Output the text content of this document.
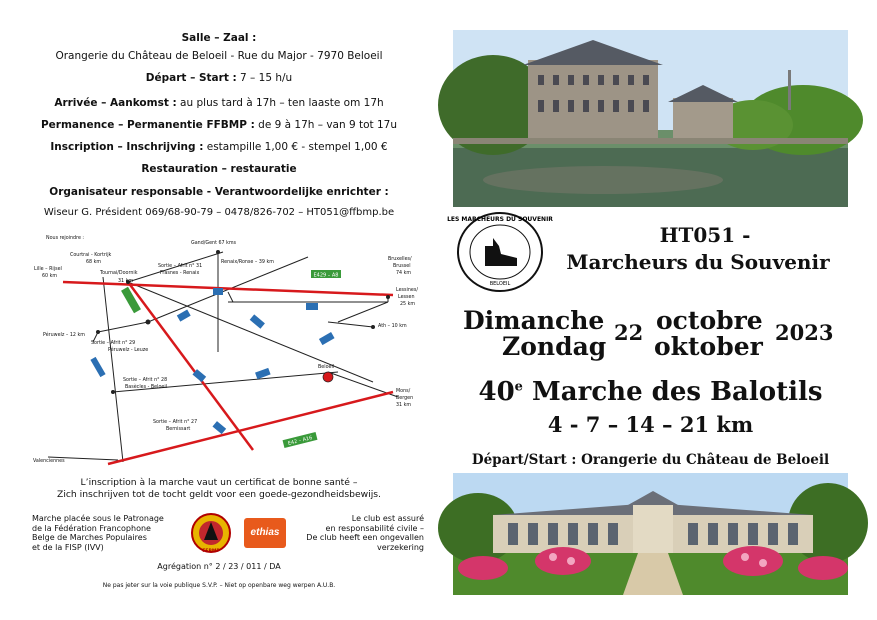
Salle – Zaal :
Orangerie du Château de Beloeil - Rue du Major - 7970 Beloeil
Départ – Start : 7 – 15 h/u
Arrivée – Aankomst : au plus tard à 17h – ten laaste om 17h
Permanence – Permanentie FFBMP : de 9 à 17h – van 9 tot 17u
Inscription – Inschrijving : estampille 1,00 € - stempel 1,00 €
Restauration – restauratie
Organisateur responsable - Verantwoordelijke enrichter :
Wiseur G. Président 069/68-90-79 – 0478/826-702 – HT051@ffbmp.be
E429 – A8
E42 – A16
Nous rejoindre :
Gand/Gent 67 kms
Courtrai - Kortrijk
68 km
Tournai/Doornik
31 km
Lille – Rijsel
60 km
Renaix/Ronse – 39 km
Sortie – Afrit n° 31
Frasnes - Renaix
Bruxelles/
Brussel
74 km
Lessines/
Lessen
25 km
Ath – 10 km
Péruwelz – 12 km
Sortie – Afrit n° 29
Péruwelz - Leuze
Beloeil
Sortie – Afrit n° 28
Basècles - Beloeil
Sortie – Afrit n° 27
Bernissart
Mons/
Bergen
31 km
Valenciennes
L’inscription à la marche vaut un certificat de bonne santé –
Zich inschrijven tot de tocht geldt voor een goede-gezondheidsbewijs.
Marche placée sous le Patronage
de la Fédération Francophone
Belge de Marches Populaires
et de la FISP (IVV)	FFBMP
ethias
Le club est assuré
en responsabilité civile –
De club heeft een ongevallen
verzekering
Agrégation n° 2 / 23 / 011 / DA
Ne pas jeter sur la voie publique S.V.P. – Niet op openbare weg werpen A.U.B.
LES MARCHEURS DU SOUVENIR
BELOEIL
HT051 -
Marcheurs du Souvenir
Dimanche
Zondag 22 octobre
oktober 2023
40e Marche des Balotils
4 - 7 – 14 – 21 km
Départ/Start : Orangerie du Château de Beloeil
